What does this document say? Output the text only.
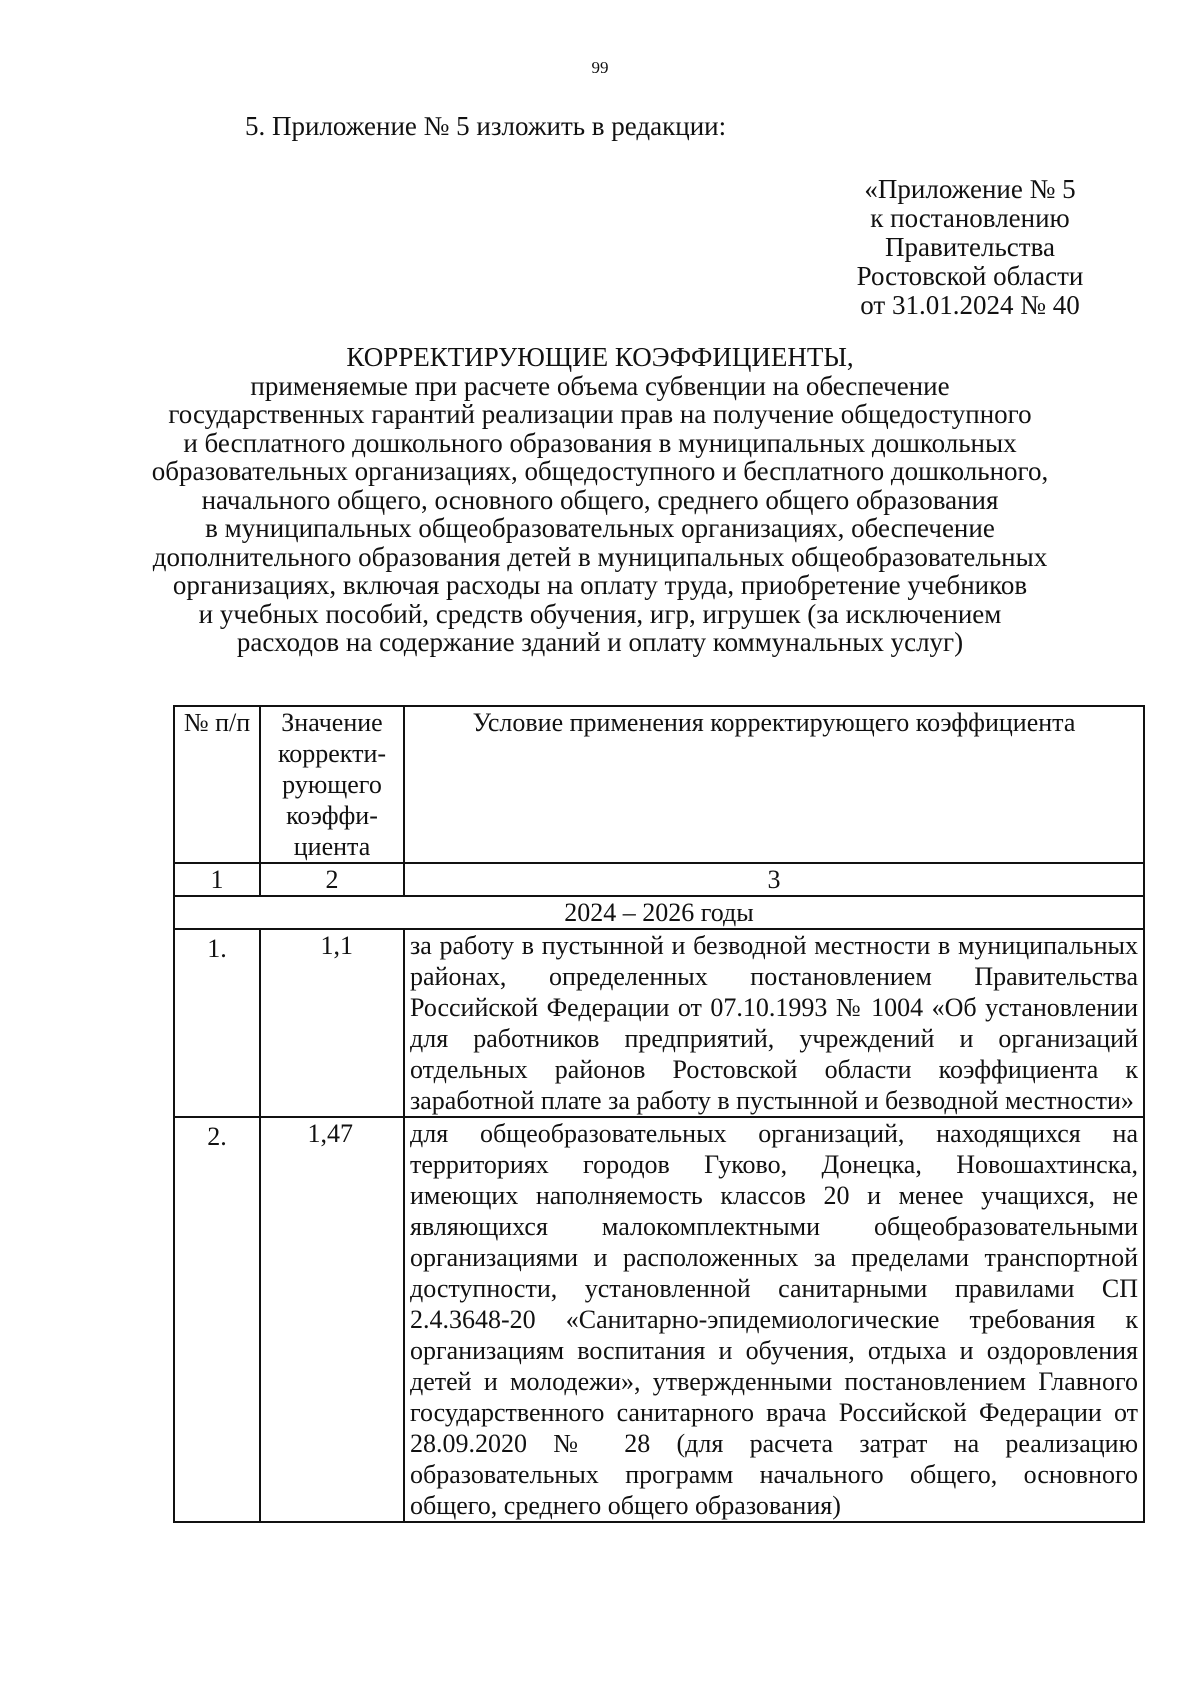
99
5. Приложение № 5 изложить в редакции:
«Приложение № 5
к постановлению
Правительства
Ростовской области
от 31.01.2024 № 40
КОРРЕКТИРУЮЩИЕ КОЭФФИЦИЕНТЫ,
применяемые при расчете объема субвенции на обеспечение
государственных гарантий реализации прав на получение общедоступного
и бесплатного дошкольного образования в муниципальных дошкольных
образовательных организациях, общедоступного и бесплатного дошкольного,
начального общего, основного общего, среднего общего образования
в муниципальных общеобразовательных организациях, обеспечение
дополнительного образования детей в муниципальных общеобразовательных
организациях, включая расходы на оплату труда, приобретение учебников
и учебных пособий, средств обучения, игр, игрушек (за исключением
расходов на содержание зданий и оплату коммунальных услуг)
№ п/п	Значение корректи- рующего коэффи- циента	Условие применения корректирующего коэффициента
1	2	3
2024 – 2026 годы		
1.	1,1	за работу в пустынной и безводной местности в муниципальных районах, определенных постановлением Правительства Российской Федерации от 07.10.1993 № 1004 «Об установлении для работников предприятий, учреждений и организаций отдельных районов Ростовской области коэффициента к заработной плате за работу в пустынной и безводной местности»
2.	1,47	для общеобразовательных организаций, находящихся на территориях городов Гуково, Донецка, Новошахтинска, имеющих наполняемость классов 20 и менее учащихся, не являющихся малокомплектными общеобразовательными организациями и расположенных за пределами транспортной доступности, установленной санитарными правилами СП 2.4.3648-20 «Санитарно-эпидемиологические требования к организациям воспитания и обучения, отдыха и оздоровления детей и молодежи», утвержденными постановлением Главного государственного санитарного врача Российской Федерации от 28.09.2020 № 28 (для расчета затрат на реализацию образовательных программ начального общего, основного общего, среднего общего образования)
